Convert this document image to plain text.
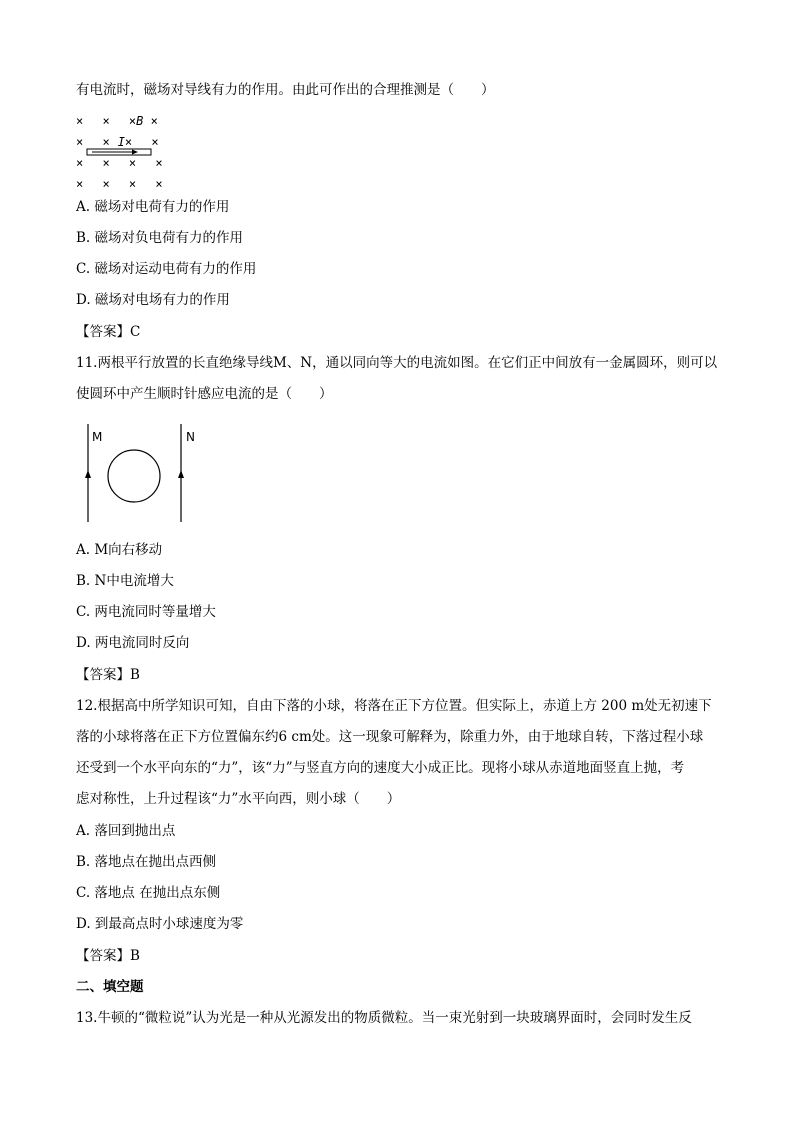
有电流时，磁场对导线有力的作用。由此可作出的合理推测是（　　）
×　 ×　 ×B ×
×　 × I×　 ×
×　 ×　 ×　 ×
×　 ×　 ×　 ×
A. 磁场对电荷有力的作用
B. 磁场对负电荷有力的作用
C. 磁场对运动电荷有力的作用
D. 磁场对电场有力的作用
【答案】C
11.两根平行放置的长直绝缘导线M、N，通以同向等大的电流如图。在它们正中间放有一金属圆环，则可以
使圆环中产生顺时针感应电流的是（　　）
M	N
A. M向右移动
B. N中电流增大
C. 两电流同时等量增大
D. 两电流同时反向
【答案】B
12.根据高中所学知识可知，自由下落的小球，将落在正下方位置。但实际上，赤道上方 200 m处无初速下
落的小球将落在正下方位置偏东约6 cm处。这一现象可解释为，除重力外，由于地球自转，下落过程小球
还受到一个水平向东的“力”，该“力”与竖直方向的速度大小成正比。现将小球从赤道地面竖直上抛，考
虑对称性，上升过程该“力”水平向西，则小球（　　）
A. 落回到抛出点
B. 落地点在抛出点西侧
C. 落地点 在抛出点东侧
D. 到最高点时小球速度为零
【答案】B
二、填空题
13.牛顿的“微粒说”认为光是一种从光源发出的物质微粒。当一束光射到一块玻璃界面时，会同时发生反
